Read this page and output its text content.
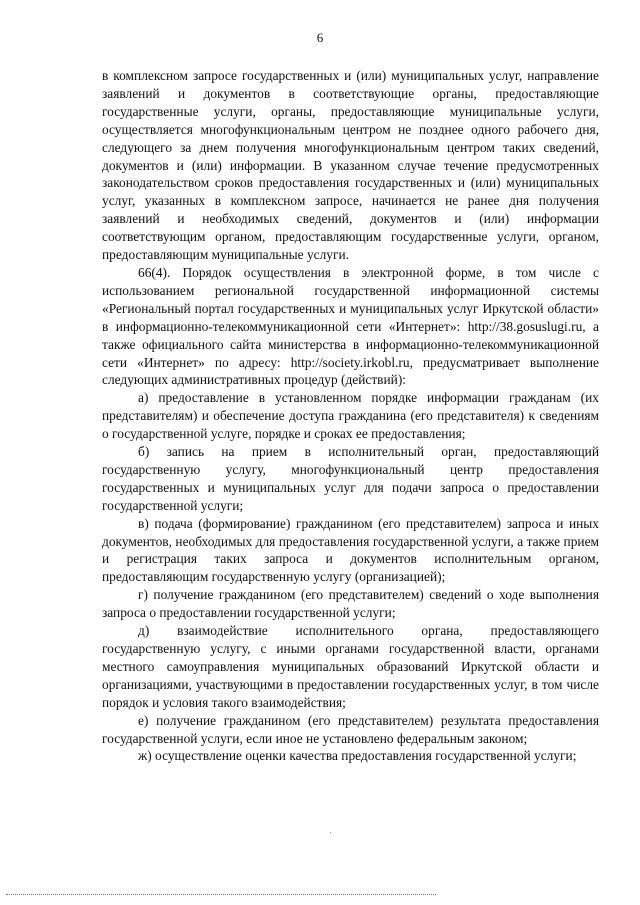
6

в комплексном запросе государственных и (или) муниципальных услуг, направление заявлений и документов в соответствующие органы, предоставляющие государственные услуги, органы, предоставляющие муниципальные услуги, осуществляется многофункциональным центром не позднее одного рабочего дня, следующего за днем получения многофункциональным центром таких сведений, документов и (или) информации. В указанном случае течение предусмотренных законодательством сроков предоставления государственных и (или) муниципальных услуг, указанных в комплексном запросе, начинается не ранее дня получения заявлений и необходимых сведений, документов и (или) информации соответствующим органом, предоставляющим государственные услуги, органом, предоставляющим муниципальные услуги.

66(4). Порядок осуществления в электронной форме, в том числе с использованием региональной государственной информационной системы «Региональный портал государственных и муниципальных услуг Иркутской области» в информационно-телекоммуникационной сети «Интернет»: http://38.gosuslugi.ru, а также официального сайта министерства в информационно-телекоммуникационной сети «Интернет» по адресу: http://society.irkobl.ru, предусматривает выполнение следующих административных процедур (действий):

а) предоставление в установленном порядке информации гражданам (их представителям) и обеспечение доступа гражданина (его представителя) к сведениям о государственной услуге, порядке и сроках ее предоставления;

б) запись на прием в исполнительный орган, предоставляющий государственную услугу, многофункциональный центр предоставления государственных и муниципальных услуг для подачи запроса о предоставлении государственной услуги;

в) подача (формирование) гражданином (его представителем) запроса и иных документов, необходимых для предоставления государственной услуги, а также прием и регистрация таких запроса и документов исполнительным органом, предоставляющим государственную услугу (организацией);

г) получение гражданином (его представителем) сведений о ходе выполнения запроса о предоставлении государственной услуги;

д) взаимодействие исполнительного органа, предоставляющего государственную услугу, с иными органами государственной власти, органами местного самоуправления муниципальных образований Иркутской области и организациями, участвующими в предоставлении государственных услуг, в том числе порядок и условия такого взаимодействия;

е) получение гражданином (его представителем) результата предоставления государственной услуги, если иное не установлено федеральным законом;

ж) осуществление оценки качества предоставления государственной услуги;
